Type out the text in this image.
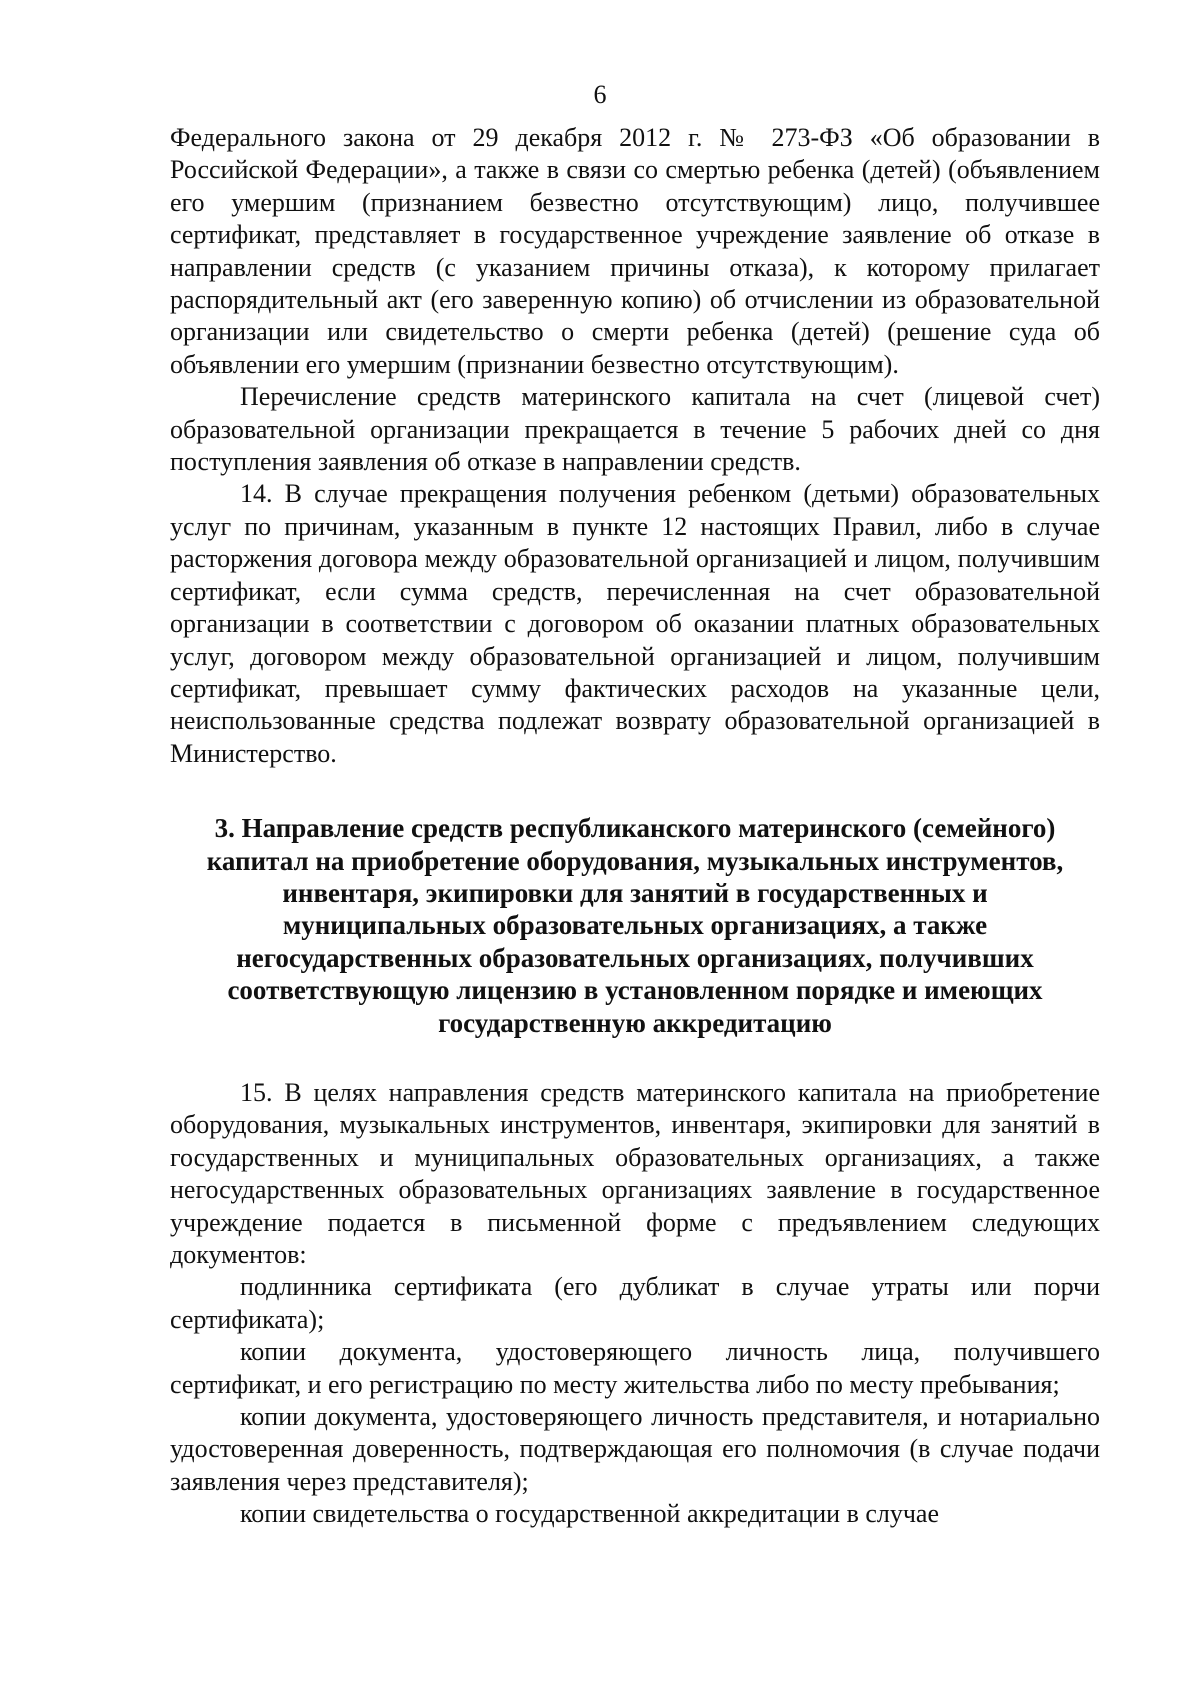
6

Федерального закона от 29 декабря 2012 г. № 273-ФЗ «Об образовании в Российской Федерации», а также в связи со смертью ребенка (детей) (объявлением его умершим (признанием безвестно отсутствующим) лицо, получившее сертификат, представляет в государственное учреждение заявление об отказе в направлении средств (с указанием причины отказа), к которому прилагает распорядительный акт (его заверенную копию) об отчислении из образовательной организации или свидетельство о смерти ребенка (детей) (решение суда об объявлении его умершим (признании безвестно отсутствующим).

Перечисление средств материнского капитала на счет (лицевой счет) образовательной организации прекращается в течение 5 рабочих дней со дня поступления заявления об отказе в направлении средств.

14. В случае прекращения получения ребенком (детьми) образовательных услуг по причинам, указанным в пункте 12 настоящих Правил, либо в случае расторжения договора между образовательной организацией и лицом, получившим сертификат, если сумма средств, перечисленная на счет образовательной организации в соответствии с договором об оказании платных образовательных услуг, договором между образовательной организацией и лицом, получившим сертификат, превышает сумму фактических расходов на указанные цели, неиспользованные средства подлежат возврату образовательной организацией в Министерство.

3. Направление средств республиканского материнского (семейного) капитал на приобретение оборудования, музыкальных инструментов, инвентаря, экипировки для занятий в государственных и муниципальных образовательных организациях, а также негосударственных образовательных организациях, получивших соответствующую лицензию в установленном порядке и имеющих государственную аккредитацию

15. В целях направления средств материнского капитала на приобретение оборудования, музыкальных инструментов, инвентаря, экипировки для занятий в государственных и муниципальных образовательных организациях, а также негосударственных образовательных организациях заявление в государственное учреждение подается в письменной форме с предъявлением следующих документов:

подлинника сертификата (его дубликат в случае утраты или порчи сертификата);

копии документа, удостоверяющего личность лица, получившего сертификат, и его регистрацию по месту жительства либо по месту пребывания;

копии документа, удостоверяющего личность представителя, и нотариально удостоверенная доверенность, подтверждающая его полномочия (в случае подачи заявления через представителя);

копии свидетельства о государственной аккредитации в случае
